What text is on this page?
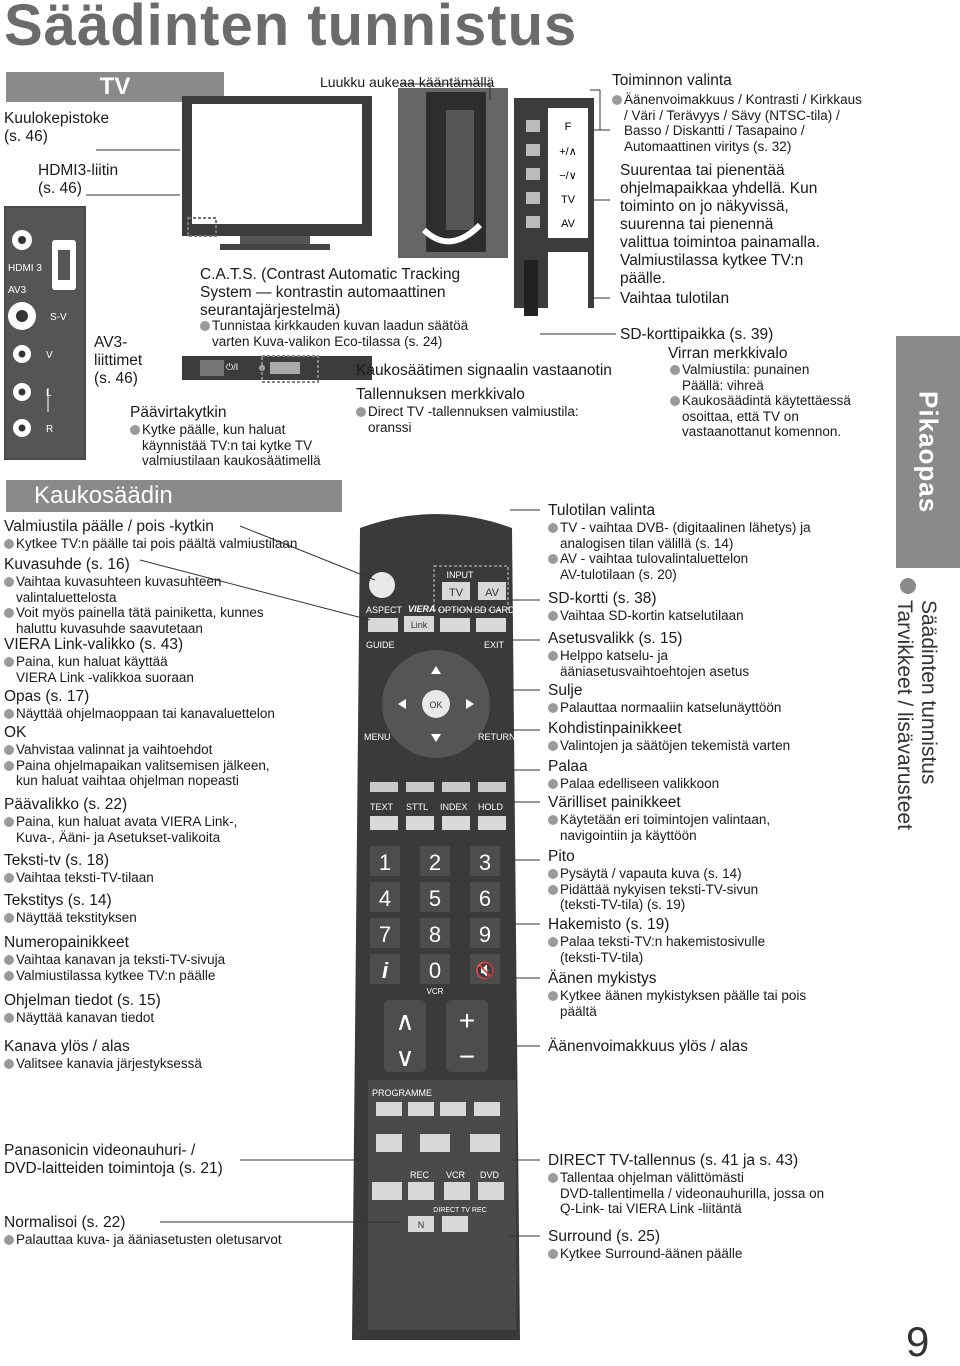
Säädinten tunnistus
TV
Kaukosäädin
HDMI 3
AV3
S-V
V
L
R
F
+/∧
−/∨
TV
AV
∧
∨
+
−
INPUT
TV AV
ASPECT VIERA
Link
OPTION SD CARD
GUIDE	EXIT
OK
MENU	RETURN
TEXT STTL INDEX HOLD
1 2 3
4 5 6
7 8 9
i 0 🔇
VCR
PROGRAMME
REC VCR DVD
DIRECT TV REC
N
⏻/I
Kuulokepistoke
(s. 46)
HDMI3-liitin
(s. 46)
AV3-
liittimet
(s. 46)
Luukku aukeaa kääntämällä
C.A.T.S. (Contrast Automatic Tracking
System — kontrastin automaattinen
seurantajärjestelmä)
Tunnistaa kirkkauden kuvan laadun säätöä
varten Kuva-valikon Eco-tilassa (s. 24)
Päävirtakytkin
Kytke päälle, kun haluat
käynnistää TV:n tai kytke TV
valmiustilaan kaukosäätimellä
Kaukosäätimen signaalin vastaanotin
Tallennuksen merkkivalo
Direct TV -tallennuksen valmiustila:
oranssi
Toiminnon valinta
Äänenvoimakkuus / Kontrasti / Kirkkaus
/ Väri / Terävyys / Sävy (NTSC-tila) /
Basso / Diskantti / Tasapaino /
Automaattinen viritys (s. 32)
Suurentaa tai pienentää
ohjelmapaikkaa yhdellä. Kun
toiminto on jo näkyvissä,
suurenna tai pienennä
valittua toimintoa painamalla.
Valmiustilassa kytkee TV:n
päälle.
Vaihtaa tulotilan
SD-korttipaikka (s. 39)
Virran merkkivalo
Valmiustila: punainen
Päällä: vihreä
Kaukosäädintä käytettäessä
osoittaa, että TV on
vastaanottanut komennon.
Valmiustila päälle / pois -kytkin
Kytkee TV:n päälle tai pois päältä valmiustilaan
Kuvasuhde (s. 16)
Vaihtaa kuvasuhteen kuvasuhteen
valintaluettelosta
Voit myös painella tätä painiketta, kunnes
haluttu kuvasuhde saavutetaan
VIERA Link-valikko (s. 43)
Paina, kun haluat käyttää
VIERA Link -valikkoa suoraan
Opas (s. 17)
Näyttää ohjelmaoppaan tai kanavaluettelon
OK
Vahvistaa valinnat ja vaihtoehdot
Paina ohjelmapaikan valitsemisen jälkeen,
kun haluat vaihtaa ohjelman nopeasti
Päävalikko (s. 22)
Paina, kun haluat avata VIERA Link-,
Kuva-, Ääni- ja Asetukset-valikoita
Teksti-tv (s. 18)
Vaihtaa teksti-TV-tilaan
Tekstitys (s. 14)
Näyttää tekstityksen
Numeropainikkeet
Vaihtaa kanavan ja teksti-TV-sivuja
Valmiustilassa kytkee TV:n päälle
Ohjelman tiedot (s. 15)
Näyttää kanavan tiedot
Kanava ylös / alas
Valitsee kanavia järjestyksessä
Panasonicin videonauhuri- /
DVD-laitteiden toimintoja (s. 21)
Normalisoi (s. 22)
Palauttaa kuva- ja ääniasetusten oletusarvot
Tulotilan valinta
TV - vaihtaa DVB- (digitaalinen lähetys) ja
analogisen tilan välillä (s. 14)
AV - vaihtaa tulovalintaluettelon
AV-tulotilaan (s. 20)
SD-kortti (s. 38)
Vaihtaa SD-kortin katselutilaan
Asetusvalikk (s. 15)
Helppo katselu- ja
ääniasetusvaihtoehtojen asetus
Sulje
Palauttaa normaaliin katselunäyttöön
Kohdistinpainikkeet
Valintojen ja säätöjen tekemistä varten
Palaa
Palaa edelliseen valikkoon
Värilliset painikkeet
Käytetään eri toimintojen valintaan,
navigointiin ja käyttöön
Pito
Pysäytä / vapauta kuva (s. 14)
Pidättää nykyisen teksti-TV-sivun
(teksti-TV-tila) (s. 19)
Hakemisto (s. 19)
Palaa teksti-TV:n hakemistosivulle
(teksti-TV-tila)
Äänen mykistys
Kytkee äänen mykistyksen päälle tai pois
päältä
Äänenvoimakkuus ylös / alas
DIRECT TV-tallennus (s. 41 ja s. 43)
Tallentaa ohjelman välittömästi
DVD-tallentimella / videonauhurilla, jossa on
Q-Link- tai VIERA Link -liitäntä
Surround (s. 25)
Kytkee Surround-äänen päälle
Pikaopas
Säädinten tunnistus
Tarvikkeet / lisävarusteet
9
